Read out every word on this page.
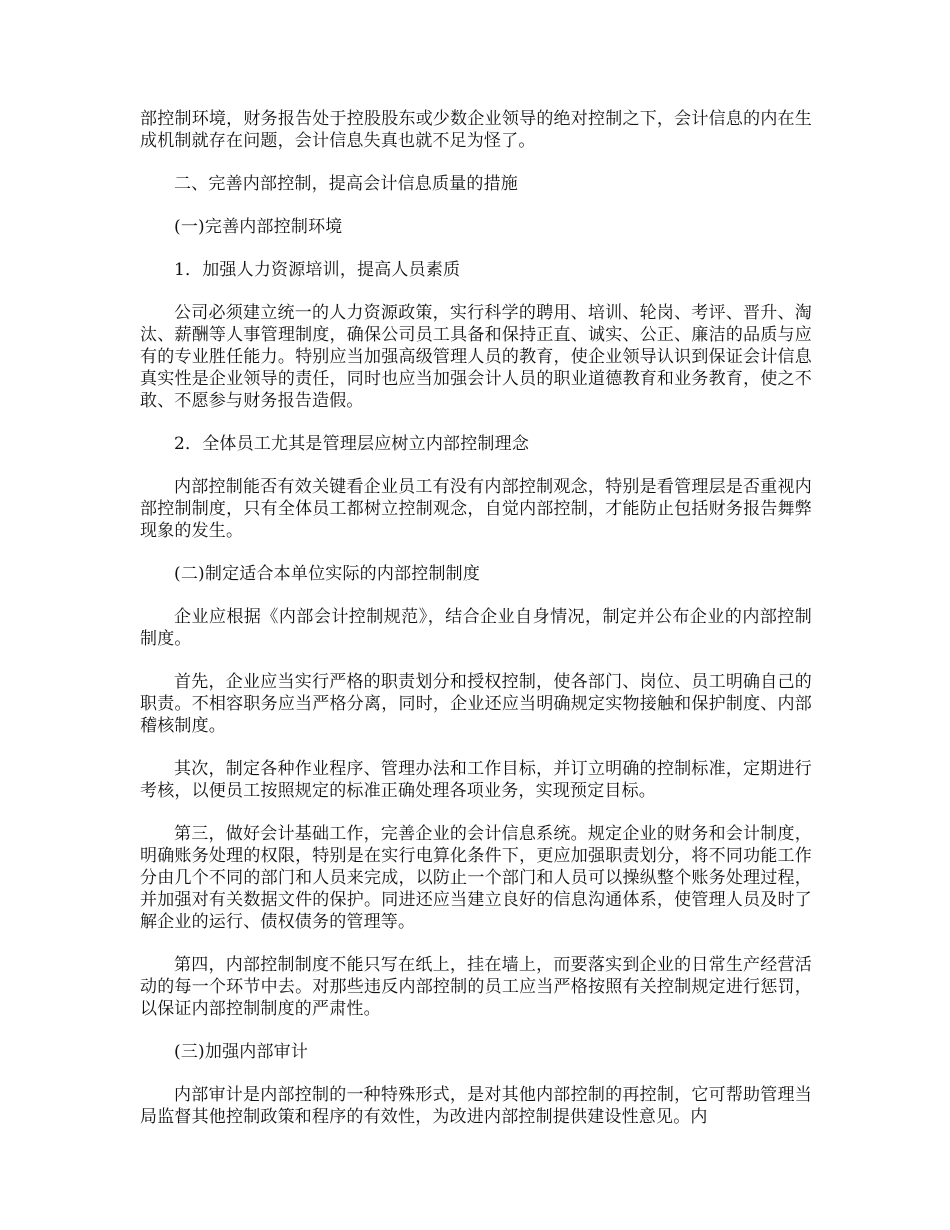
部控制环境，财务报告处于控股股东或少数企业领导的绝对控制之下，会计信息的内在生成机制就存在问题，会计信息失真也就不足为怪了。

二、完善内部控制，提高会计信息质量的措施

(一)完善内部控制环境

1．加强人力资源培训，提高人员素质

公司必须建立统一的人力资源政策，实行科学的聘用、培训、轮岗、考评、晋升、淘汰、薪酬等人事管理制度，确保公司员工具备和保持正直、诚实、公正、廉洁的品质与应有的专业胜任能力。特别应当加强高级管理人员的教育，使企业领导认识到保证会计信息真实性是企业领导的责任，同时也应当加强会计人员的职业道德教育和业务教育，使之不敢、不愿参与财务报告造假。

2．全体员工尤其是管理层应树立内部控制理念

内部控制能否有效关键看企业员工有没有内部控制观念，特别是看管理层是否重视内部控制制度，只有全体员工都树立控制观念，自觉内部控制，才能防止包括财务报告舞弊现象的发生。

(二)制定适合本单位实际的内部控制制度

企业应根据《内部会计控制规范》，结合企业自身情况，制定并公布企业的内部控制制度。

首先，企业应当实行严格的职责划分和授权控制，使各部门、岗位、员工明确自己的职责。不相容职务应当严格分离，同时，企业还应当明确规定实物接触和保护制度、内部稽核制度。

其次，制定各种作业程序、管理办法和工作目标，并订立明确的控制标准，定期进行考核，以便员工按照规定的标准正确处理各项业务，实现预定目标。

第三，做好会计基础工作，完善企业的会计信息系统。规定企业的财务和会计制度，明确账务处理的权限，特别是在实行电算化条件下，更应加强职责划分，将不同功能工作分由几个不同的部门和人员来完成，以防止一个部门和人员可以操纵整个账务处理过程，并加强对有关数据文件的保护。同进还应当建立良好的信息沟通体系，使管理人员及时了解企业的运行、债权债务的管理等。

第四，内部控制制度不能只写在纸上，挂在墙上，而要落实到企业的日常生产经营活动的每一个环节中去。对那些违反内部控制的员工应当严格按照有关控制规定进行惩罚，以保证内部控制制度的严肃性。

(三)加强内部审计

内部审计是内部控制的一种特殊形式，是对其他内部控制的再控制，它可帮助管理当局监督其他控制政策和程序的有效性，为改进内部控制提供建设性意见。内
